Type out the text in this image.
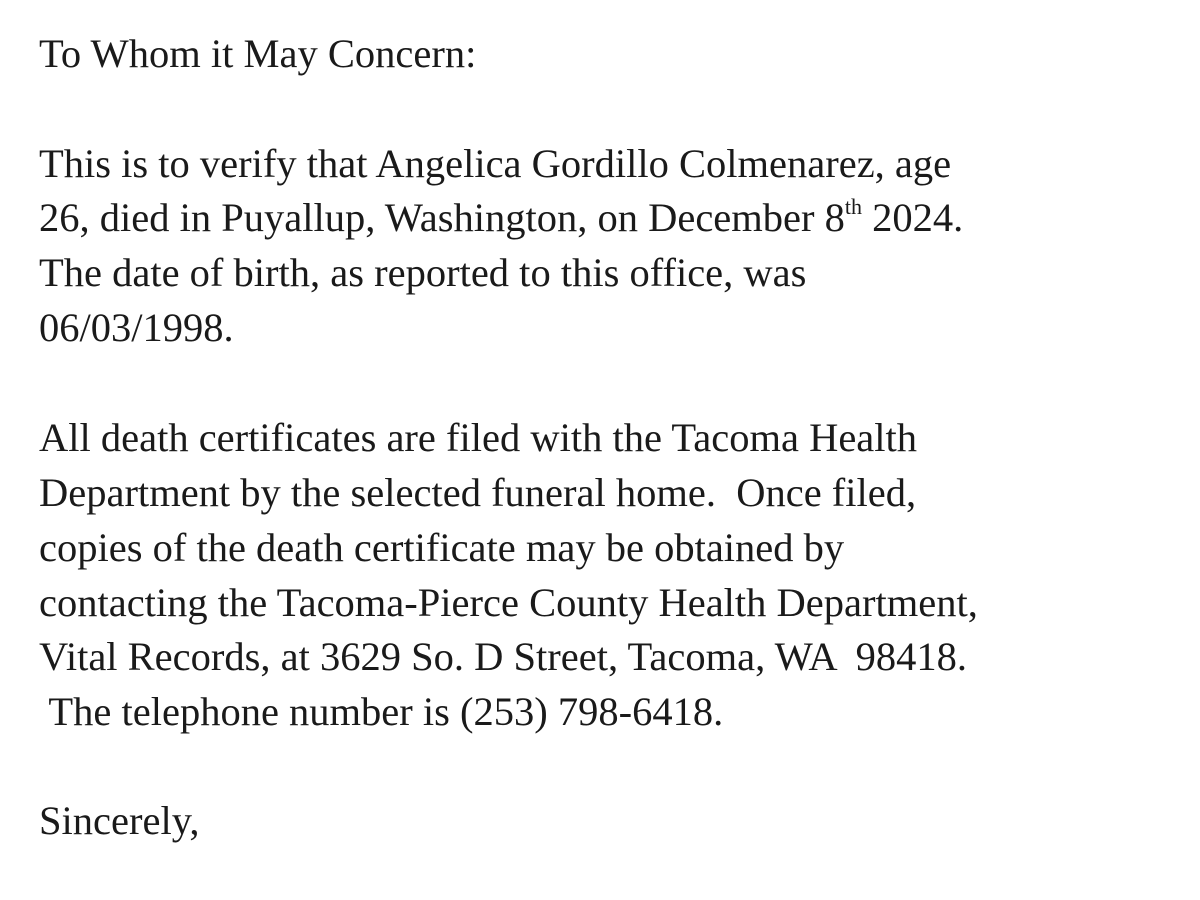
To Whom it May Concern:
This is to verify that Angelica Gordillo Colmenarez, age
26, died in Puyallup, Washington, on December 8th 2024.
The date of birth, as reported to this office, was
06/03/1998.
All death certificates are filed with the Tacoma Health
Department by the selected funeral home.  Once filed,
copies of the death certificate may be obtained by
contacting the Tacoma-Pierce County Health Department,
Vital Records, at 3629 So. D Street, Tacoma, WA  98418.
The telephone number is (253) 798-6418.
Sincerely,
